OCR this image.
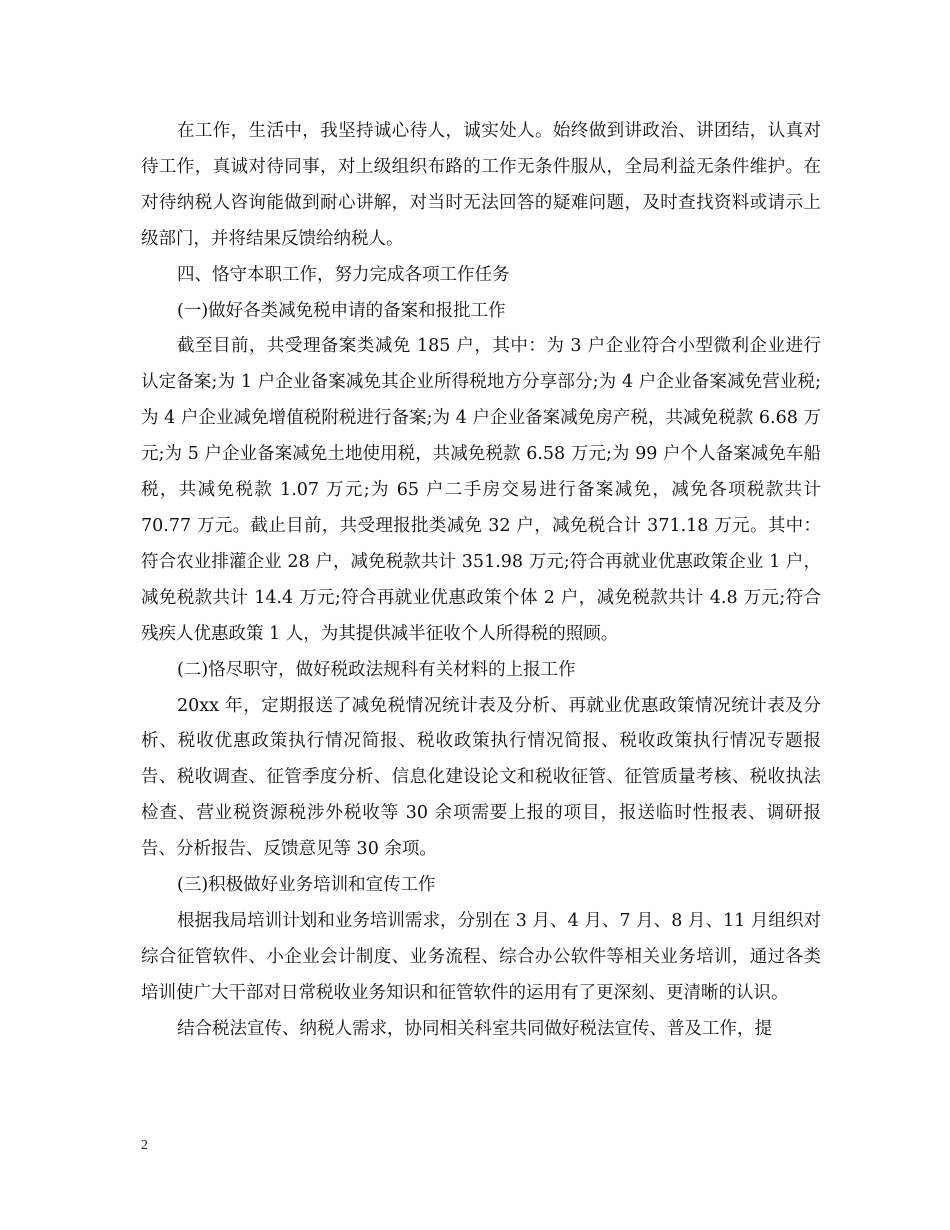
在工作，生活中，我坚持诚心待人，诚实处人。始终做到讲政治、讲团结，认真对待工作，真诚对待同事，对上级组织布路的工作无条件服从，全局利益无条件维护。在对待纳税人咨询能做到耐心讲解，对当时无法回答的疑难问题，及时查找资料或请示上级部门，并将结果反馈给纳税人。

四、恪守本职工作，努力完成各项工作任务

(一)做好各类减免税申请的备案和报批工作

截至目前，共受理备案类减免 185 户，其中：为 3 户企业符合小型微利企业进行认定备案;为 1 户企业备案减免其企业所得税地方分享部分;为 4 户企业备案减免营业税;为 4 户企业减免增值税附税进行备案;为 4 户企业备案减免房产税，共减免税款 6.68 万元;为 5 户企业备案减免土地使用税，共减免税款 6.58 万元;为 99 户个人备案减免车船税，共减免税款 1.07 万元;为 65 户二手房交易进行备案减免，减免各项税款共计 70.77 万元。截止目前，共受理报批类减免 32 户，减免税合计 371.18 万元。其中：符合农业排灌企业 28 户，减免税款共计 351.98 万元;符合再就业优惠政策企业 1 户，减免税款共计 14.4 万元;符合再就业优惠政策个体 2 户，减免税款共计 4.8 万元;符合残疾人优惠政策 1 人，为其提供减半征收个人所得税的照顾。

(二)恪尽职守，做好税政法规科有关材料的上报工作

20xx 年，定期报送了减免税情况统计表及分析、再就业优惠政策情况统计表及分析、税收优惠政策执行情况简报、税收政策执行情况简报、税收政策执行情况专题报告、税收调查、征管季度分析、信息化建设论文和税收征管、征管质量考核、税收执法检查、营业税资源税涉外税收等 30 余项需要上报的项目，报送临时性报表、调研报告、分析报告、反馈意见等 30 余项。

(三)积极做好业务培训和宣传工作

根据我局培训计划和业务培训需求，分别在 3 月、4 月、7 月、8 月、11 月组织对综合征管软件、小企业会计制度、业务流程、综合办公软件等相关业务培训，通过各类培训使广大干部对日常税收业务知识和征管软件的运用有了更深刻、更清晰的认识。

结合税法宣传、纳税人需求，协同相关科室共同做好税法宣传、普及工作，提

2
